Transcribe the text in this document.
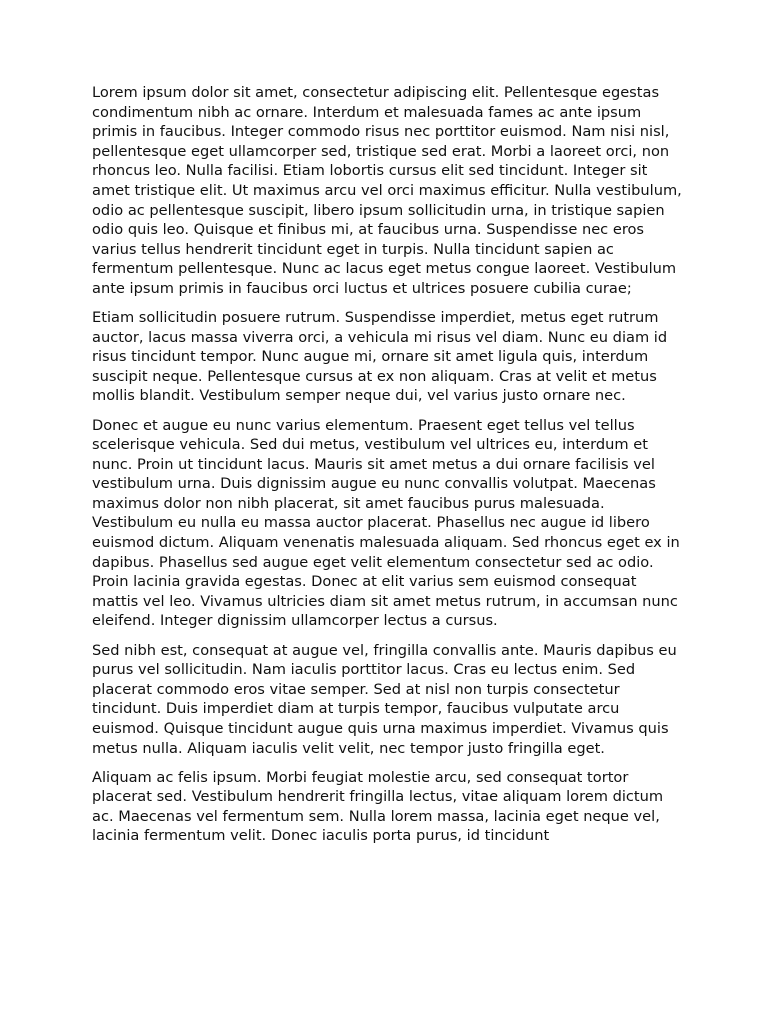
Lorem ipsum dolor sit amet, consectetur adipiscing elit. Pellentesque egestas condimentum nibh ac ornare. Interdum et malesuada fames ac ante ipsum primis in faucibus. Integer commodo risus nec porttitor euismod. Nam nisi nisl, pellentesque eget ullamcorper sed, tristique sed erat. Morbi a laoreet orci, non rhoncus leo. Nulla facilisi. Etiam lobortis cursus elit sed tincidunt. Integer sit amet tristique elit. Ut maximus arcu vel orci maximus efficitur. Nulla vestibulum, odio ac pellentesque suscipit, libero ipsum sollicitudin urna, in tristique sapien odio quis leo. Quisque et finibus mi, at faucibus urna. Suspendisse nec eros varius tellus hendrerit tincidunt eget in turpis. Nulla tincidunt sapien ac fermentum pellentesque. Nunc ac lacus eget metus congue laoreet. Vestibulum ante ipsum primis in faucibus orci luctus et ultrices posuere cubilia curae;

Etiam sollicitudin posuere rutrum. Suspendisse imperdiet, metus eget rutrum auctor, lacus massa viverra orci, a vehicula mi risus vel diam. Nunc eu diam id risus tincidunt tempor. Nunc augue mi, ornare sit amet ligula quis, interdum suscipit neque. Pellentesque cursus at ex non aliquam. Cras at velit et metus mollis blandit. Vestibulum semper neque dui, vel varius justo ornare nec.

Donec et augue eu nunc varius elementum. Praesent eget tellus vel tellus scelerisque vehicula. Sed dui metus, vestibulum vel ultrices eu, interdum et nunc. Proin ut tincidunt lacus. Mauris sit amet metus a dui ornare facilisis vel vestibulum urna. Duis dignissim augue eu nunc convallis volutpat. Maecenas maximus dolor non nibh placerat, sit amet faucibus purus malesuada. Vestibulum eu nulla eu massa auctor placerat. Phasellus nec augue id libero euismod dictum. Aliquam venenatis malesuada aliquam. Sed rhoncus eget ex in dapibus. Phasellus sed augue eget velit elementum consectetur sed ac odio. Proin lacinia gravida egestas. Donec at elit varius sem euismod consequat mattis vel leo. Vivamus ultricies diam sit amet metus rutrum, in accumsan nunc eleifend. Integer dignissim ullamcorper lectus a cursus.

Sed nibh est, consequat at augue vel, fringilla convallis ante. Mauris dapibus eu purus vel sollicitudin. Nam iaculis porttitor lacus. Cras eu lectus enim. Sed placerat commodo eros vitae semper. Sed at nisl non turpis consectetur tincidunt. Duis imperdiet diam at turpis tempor, faucibus vulputate arcu euismod. Quisque tincidunt augue quis urna maximus imperdiet. Vivamus quis metus nulla. Aliquam iaculis velit velit, nec tempor justo fringilla eget.

Aliquam ac felis ipsum. Morbi feugiat molestie arcu, sed consequat tortor placerat sed. Vestibulum hendrerit fringilla lectus, vitae aliquam lorem dictum ac. Maecenas vel fermentum sem. Nulla lorem massa, lacinia eget neque vel, lacinia fermentum velit. Donec iaculis porta purus, id tincidunt
